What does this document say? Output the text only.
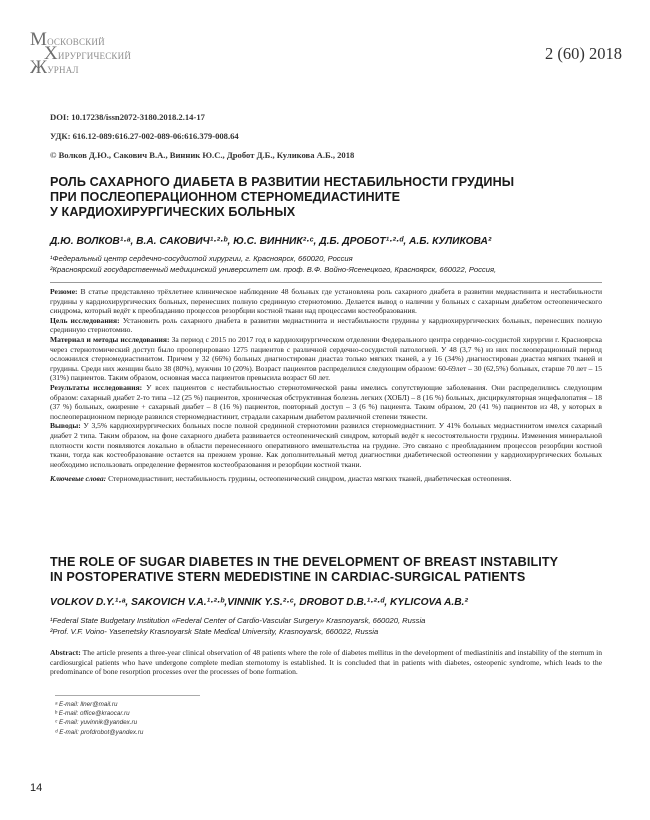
Московский
Хирургический
Журнал
2 (60) 2018
DOI: 10.17238/issn2072-3180.2018.2.14-17
УДК: 616.12-089:616.27-002-089-06:616.379-008.64
© Волков Д.Ю., Сакович В.А., Винник Ю.С., Дробот Д.Б., Куликова А.Б., 2018
РОЛЬ САХАРНОГО ДИАБЕТА В РАЗВИТИИ НЕСТАБИЛЬНОСТИ ГРУДИНЫ
ПРИ ПОСЛЕОПЕРАЦИОННОМ СТЕРНОМЕДИАСТИНИТЕ
У КАРДИОХИРУРГИЧЕСКИХ БОЛЬНЫХ
Д.Ю. ВОЛКОВ¹·ᵃ, В.А. САКОВИЧ¹·²·ᵇ, Ю.С. ВИННИК²·ᶜ, Д.Б. ДРОБОТ¹·²·ᵈ, А.Б. КУЛИКОВА²
¹Федеральный центр сердечно-сосудистой хирургии, г. Красноярск, 660020, Россия
²Красноярский государственный медицинский университет им. проф. В.Ф. Войно-Ясенецкого, Красноярск, 660022, Россия,
Резюме: В статье представлено трёхлетнее клиническое наблюдение 48 больных где установлена роль сахарного диабета в развитии медиастинита и нестабильности грудины у кардиохирургических больных, перенесших полную срединную стернотомию. Делается вывод о наличии у больных с сахарным диабетом остеопенического синдрома, который ведёт к преобладанию процессов резорбции костной ткани над процессами костеобразования.
Цель исследования: Установить роль сахарного диабета в развитии медиастинита и нестабильности грудины у кардиохирургических больных, перенесших полную срединную стернотомию.
Материал и методы исследования: За период с 2015 по 2017 год в кардиохирургическом отделении Федерального центра сердечно-сосудистой хирургии г. Красноярска через стернотомический доступ было прооперировано 1275 пациентов с различной сердечно-сосудистой патологией. У 48 (3,7 %) из них послеоперационный период осложнился стерномедиастинитом. Причем у 32 (66%) больных диагностирован диастаз только мягких тканей, а у 16 (34%) диагностирован диастаз мягких тканей и грудины. Среди них женщин было 38 (80%), мужчин 10 (20%). Возраст пациентов распределился следующим образом: 60-69лет – 30 (62,5%) больных, старше 70 лет – 15 (31%) пациентов. Таким образом, основная масса пациентов превысила возраст 60 лет.
Результаты исследования: У всех пациентов с нестабильностью стернотомической раны имелись сопутствующие заболевания. Они распределились следующим образом: сахарный диабет 2-то типа –12 (25 %) пациентов, хроническая обструктивная болезнь легких (ХОБЛ) – 8 (16 %) больных, дисциркуляторная энцефалопатия – 18 (37 %) больных, ожирение + сахарный диабет – 8 (16 %) пациентов, повторный доступ – 3 (6 %) пациента. Таким образом, 20 (41 %) пациентов из 48, у которых в послеоперационном периоде развился стерномедиастинит, страдали сахарным диабетом различной степени тяжести.
Выводы: У 3,5% кардиохирургических больных после полной срединной стернотомии развился стерномедиастинит. У 41% больных медиастинитом имелся сахарный диабет 2 типа. Таким образом, на фоне сахарного диабета развивается остеопенический синдром, который ведёт к несостоятельности грудины. Изменения минеральной плотности кости появляются локально в области перенесенного оперативного вмешательства на грудине. Это связано с преобладанием процессов резорбции костной ткани, тогда как костеобразование остается на прежнем уровне. Как дополнительный метод диагностики диабетической остеопении у кардиохирургических больных необходимо использовать определение ферментов костеобразования и резорбции костной ткани.
Ключевые слова: Стерномедиастинит, нестабильность грудины, остеопенический синдром, диастаз мягких тканей, диабетическая остеопения.
THE ROLE OF SUGAR DIABETES IN THE DEVELOPMENT OF BREAST INSTABILITY
IN POSTOPERATIVE STERN MEDEDISTINE IN CARDIAC-SURGICAL PATIENTS
VOLKOV D.Y.¹·ᵃ, SAKOVICH V.A.¹·²·ᵇ,VINNIK Y.S.²·ᶜ, DROBOT D.B.¹·²·ᵈ, KYLICOVA A.B.²
¹Federal State Budgetary Institution «Federal Center of Cardio-Vascular Surgery» Krasnoyarsk, 660020, Russia
²Prof. V.F. Voino- Yasenetsky Krasnoyarsk State Medical University, Krasnoyarsk, 660022, Russia
Abstract: The article presents a three-year clinical observation of 48 patients where the role of diabetes mellitus in the development of mediastinitis and instability of the sternum in cardiosurgical patients who have undergone complete median sternotomy is established. It is concluded that in patients with diabetes, osteopenic syndrome, which leads to the predominance of bone resorption processes over the processes of bone formation.
ᵃ E-mail: llner@mail.ru
ᵇ E-mail: office@kraocar.ru
ᶜ E-mail: yuvinnik@yandex.ru
ᵈ E-mail: profdrobot@yandex.ru
14
